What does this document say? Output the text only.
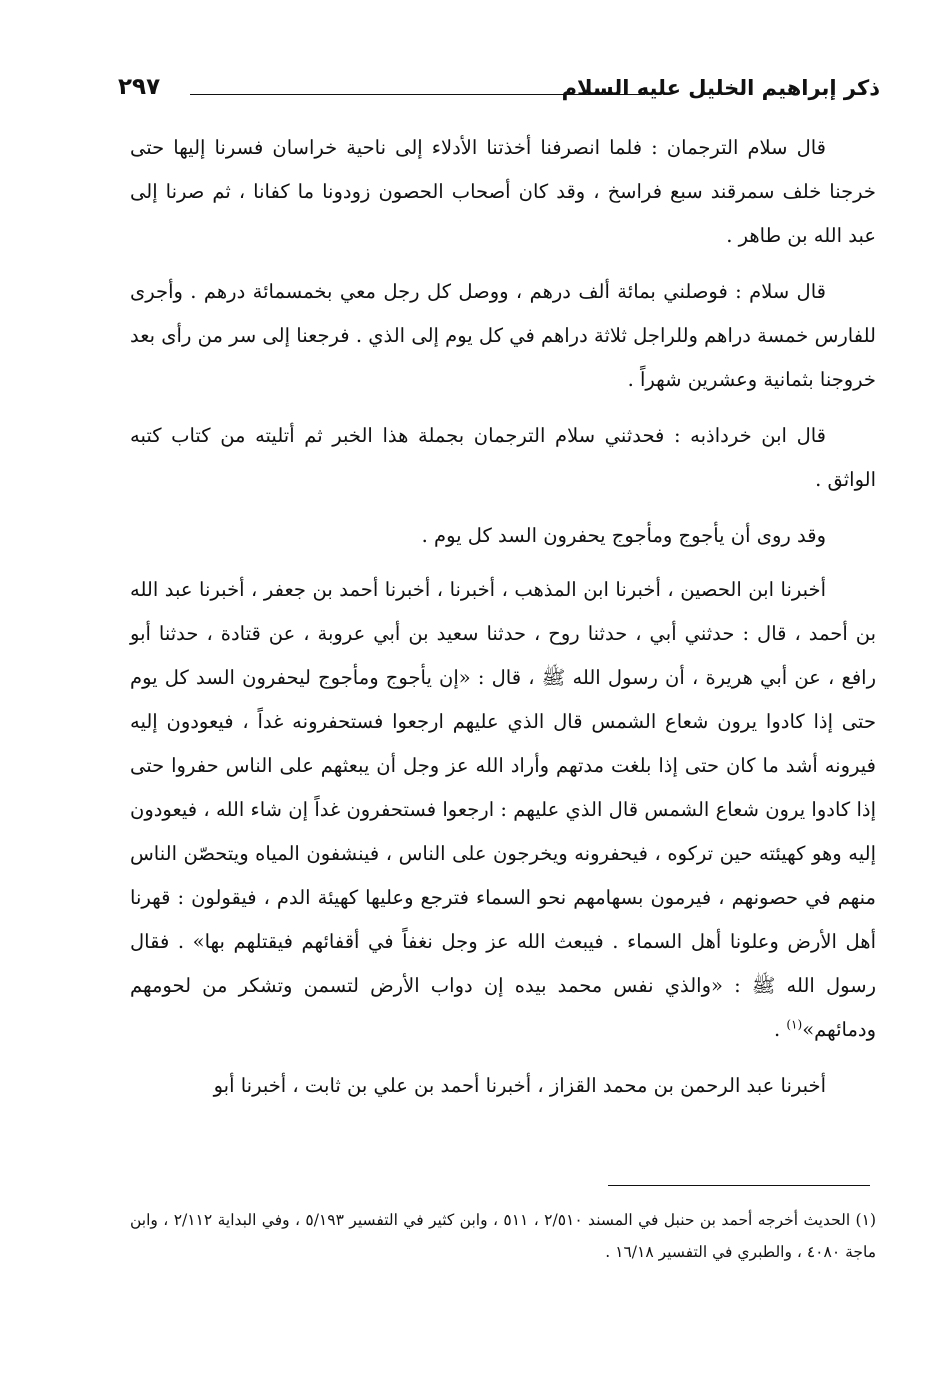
ذكر إبراهيم الخليل عليه السلام
٢٩٧

قال سلام الترجمان : فلما انصرفنا أخذتنا الأدلاء إلى ناحية خراسان فسرنا إليها حتى خرجنا خلف سمرقند سبع فراسخ ، وقد كان أصحاب الحصون زودونا ما كفانا ، ثم صرنا إلى عبد الله بن طاهر .

قال سلام : فوصلني بمائة ألف درهم ، ووصل كل رجل معي بخمسمائة درهم . وأجرى للفارس خمسة دراهم وللراجل ثلاثة دراهم في كل يوم إلى الذي . فرجعنا إلى سر من رأى بعد خروجنا بثمانية وعشرين شهراً .

قال ابن خرداذبه : فحدثني سلام الترجمان بجملة هذا الخبر ثم أتليته من كتاب كتبه الواثق .

وقد روى أن يأجوج ومأجوج يحفرون السد كل يوم .

أخبرنا ابن الحصين ، أخبرنا ابن المذهب ، أخبرنا ، أخبرنا أحمد بن جعفر ، أخبرنا عبد الله بن أحمد ، قال : حدثني أبي ، حدثنا روح ، حدثنا سعيد بن أبي عروبة ، عن قتادة ، حدثنا أبو رافع ، عن أبي هريرة ، أن رسول الله ﷺ ، قال : «إن يأجوج ومأجوج ليحفرون السد كل يوم حتى إذا كادوا يرون شعاع الشمس قال الذي عليهم ارجعوا فستحفرونه غداً ، فيعودون إليه فيرونه أشد ما كان حتى إذا بلغت مدتهم وأراد الله عز وجل أن يبعثهم على الناس حفروا حتى إذا كادوا يرون شعاع الشمس قال الذي عليهم : ارجعوا فستحفرون غداً إن شاء الله ، فيعودون إليه وهو كهيئته حين تركوه ، فيحفرونه ويخرجون على الناس ، فينشفون المياه ويتحصّن الناس منهم في حصونهم ، فيرمون بسهامهم نحو السماء فترجع وعليها كهيئة الدم ، فيقولون : قهرنا أهل الأرض وعلونا أهل السماء . فيبعث الله عز وجل نغفاً في أقفائهم فيقتلهم بها» . فقال رسول الله ﷺ : «والذي نفس محمد بيده إن دواب الأرض لتسمن وتشكر من لحومهم ودمائهم»$^{(١)}$ .

أخبرنا عبد الرحمن بن محمد القزاز ، أخبرنا أحمد بن علي بن ثابت ، أخبرنا أبو

(١) الحديث أخرجه أحمد بن حنبل في المسند ٢/٥١٠ ، ٥١١ ، وابن كثير في التفسير ٥/١٩٣ ، وفي البداية ٢/١١٢ ، وابن ماجة ٤٠٨٠ ، والطبري في التفسير ١٦/١٨ .
